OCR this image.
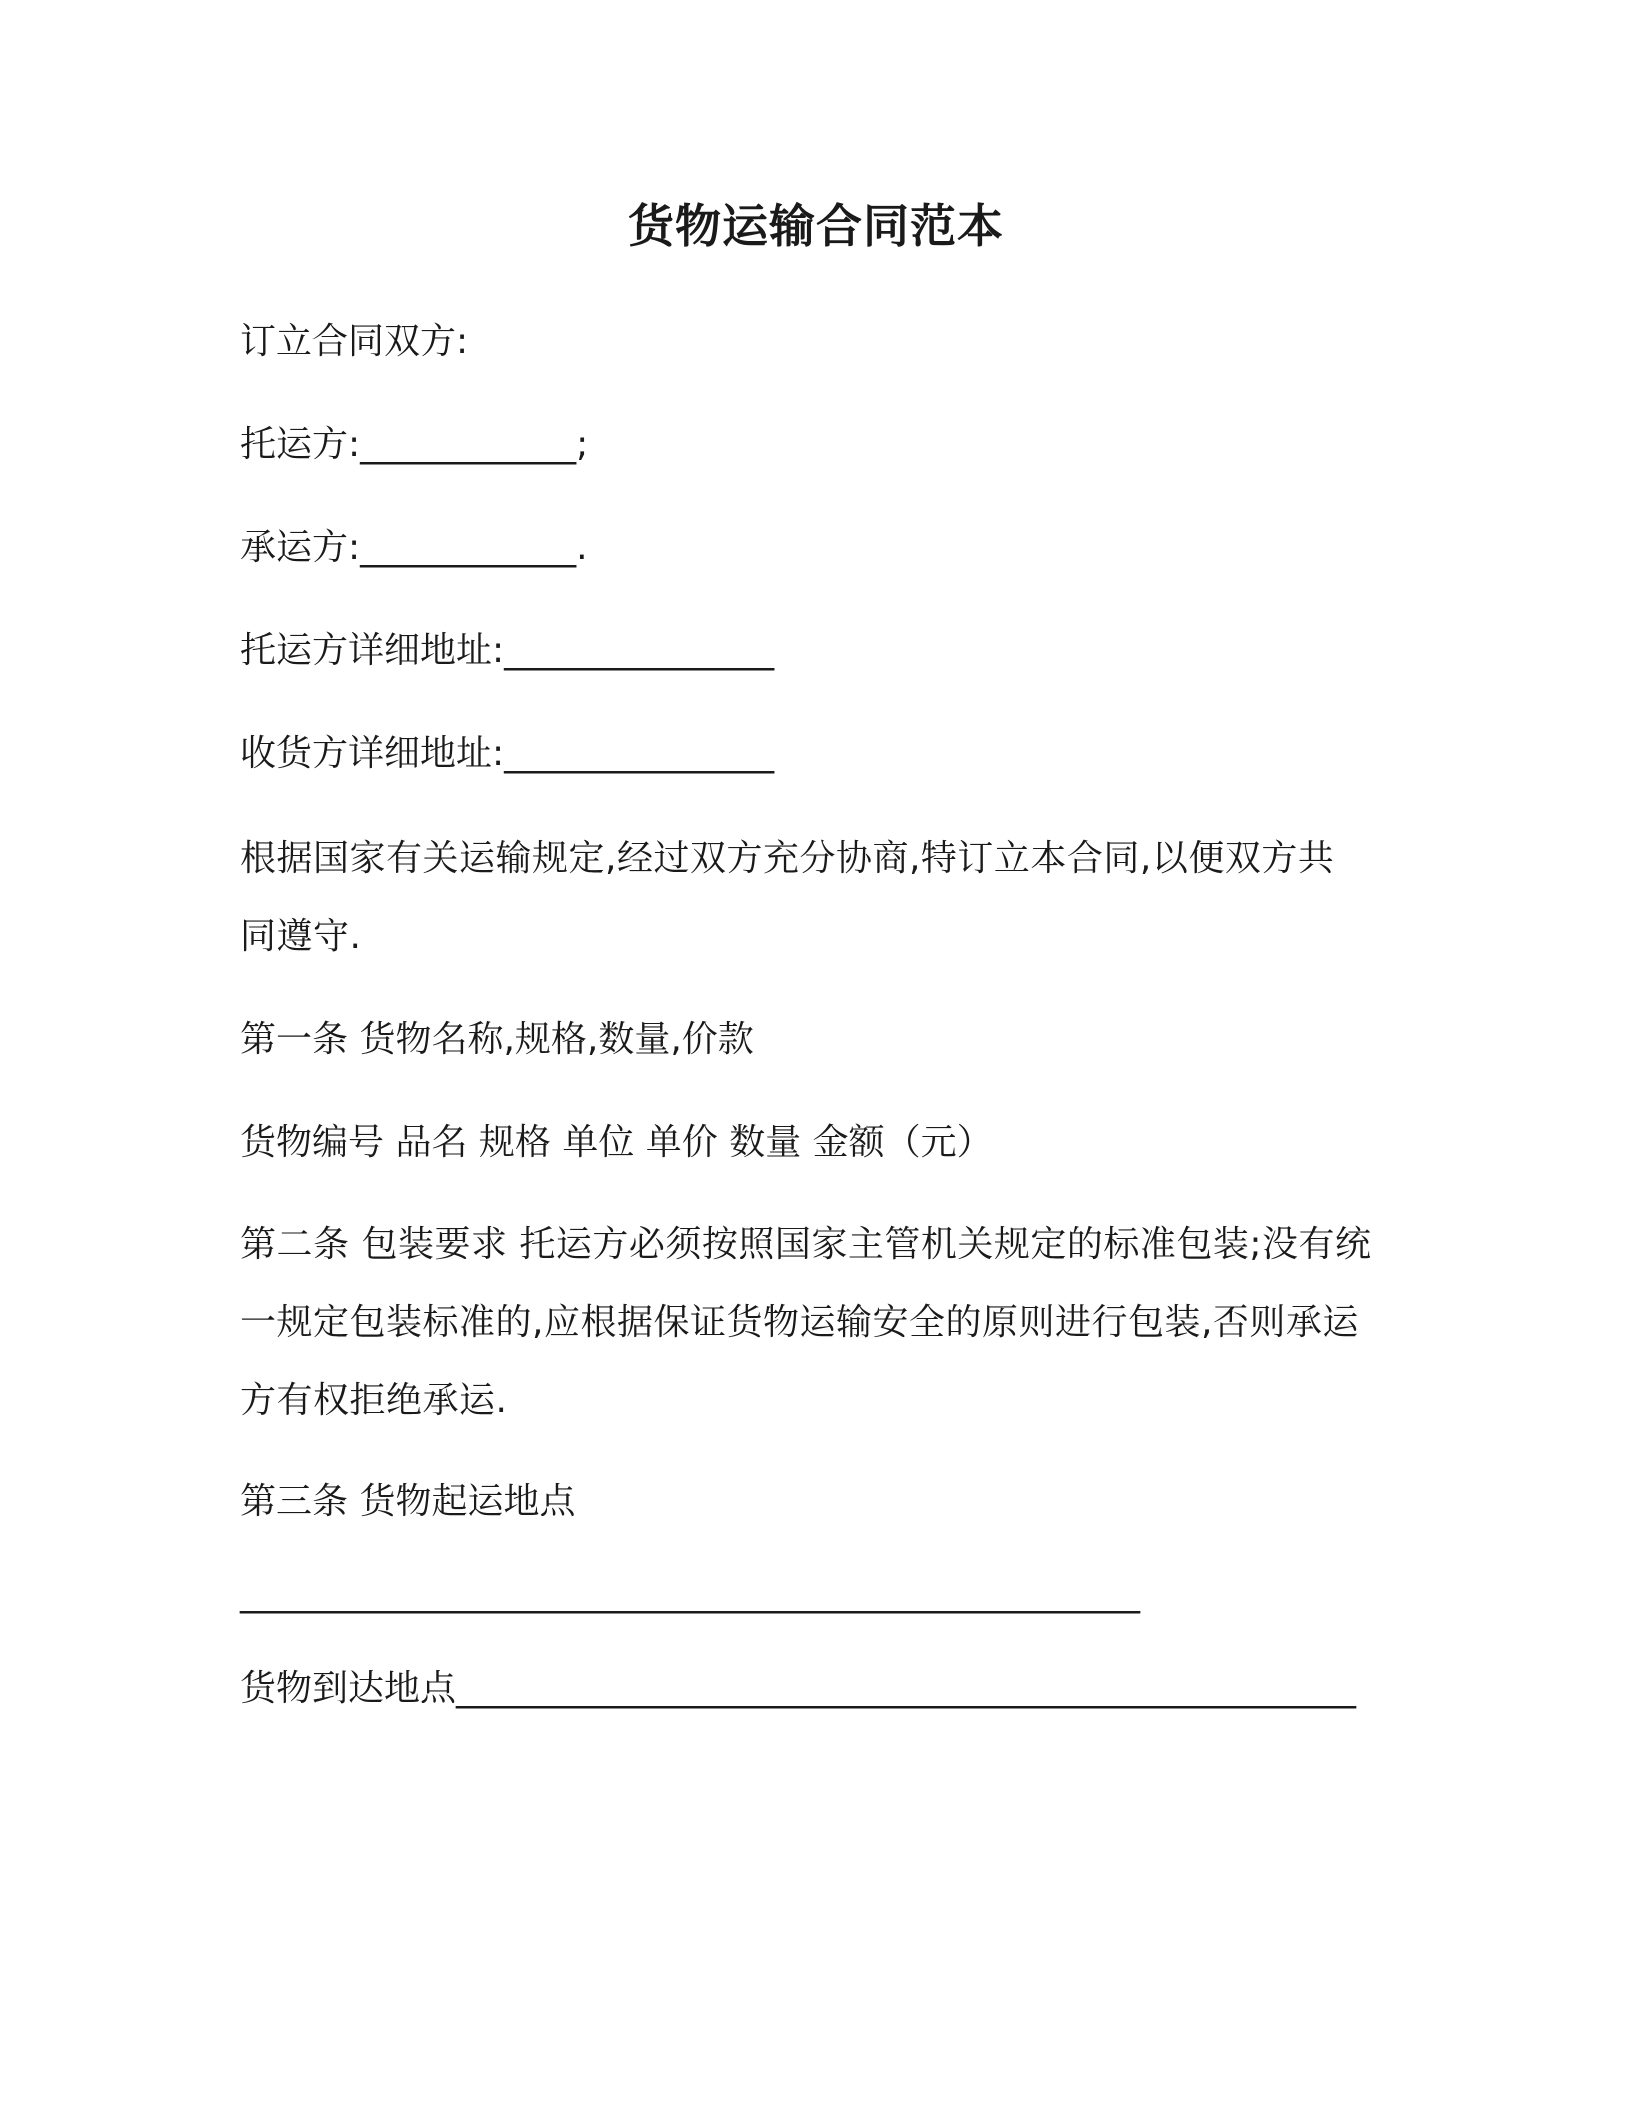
货物运输合同范本
订立合同双方:
托运方:____________;
承运方:____________.
托运方详细地址:_______________
收货方详细地址:_______________
根据国家有关运输规定,经过双方充分协商,特订立本合同,以便双方共
同遵守.
第一条 货物名称,规格,数量,价款
货物编号 品名 规格 单位 单价 数量 金额（元）
第二条 包装要求 托运方必须按照国家主管机关规定的标准包装;没有统
一规定包装标准的,应根据保证货物运输安全的原则进行包装,否则承运
方有权拒绝承运.
第三条 货物起运地点
__________________________________________________
货物到达地点__________________________________________________
